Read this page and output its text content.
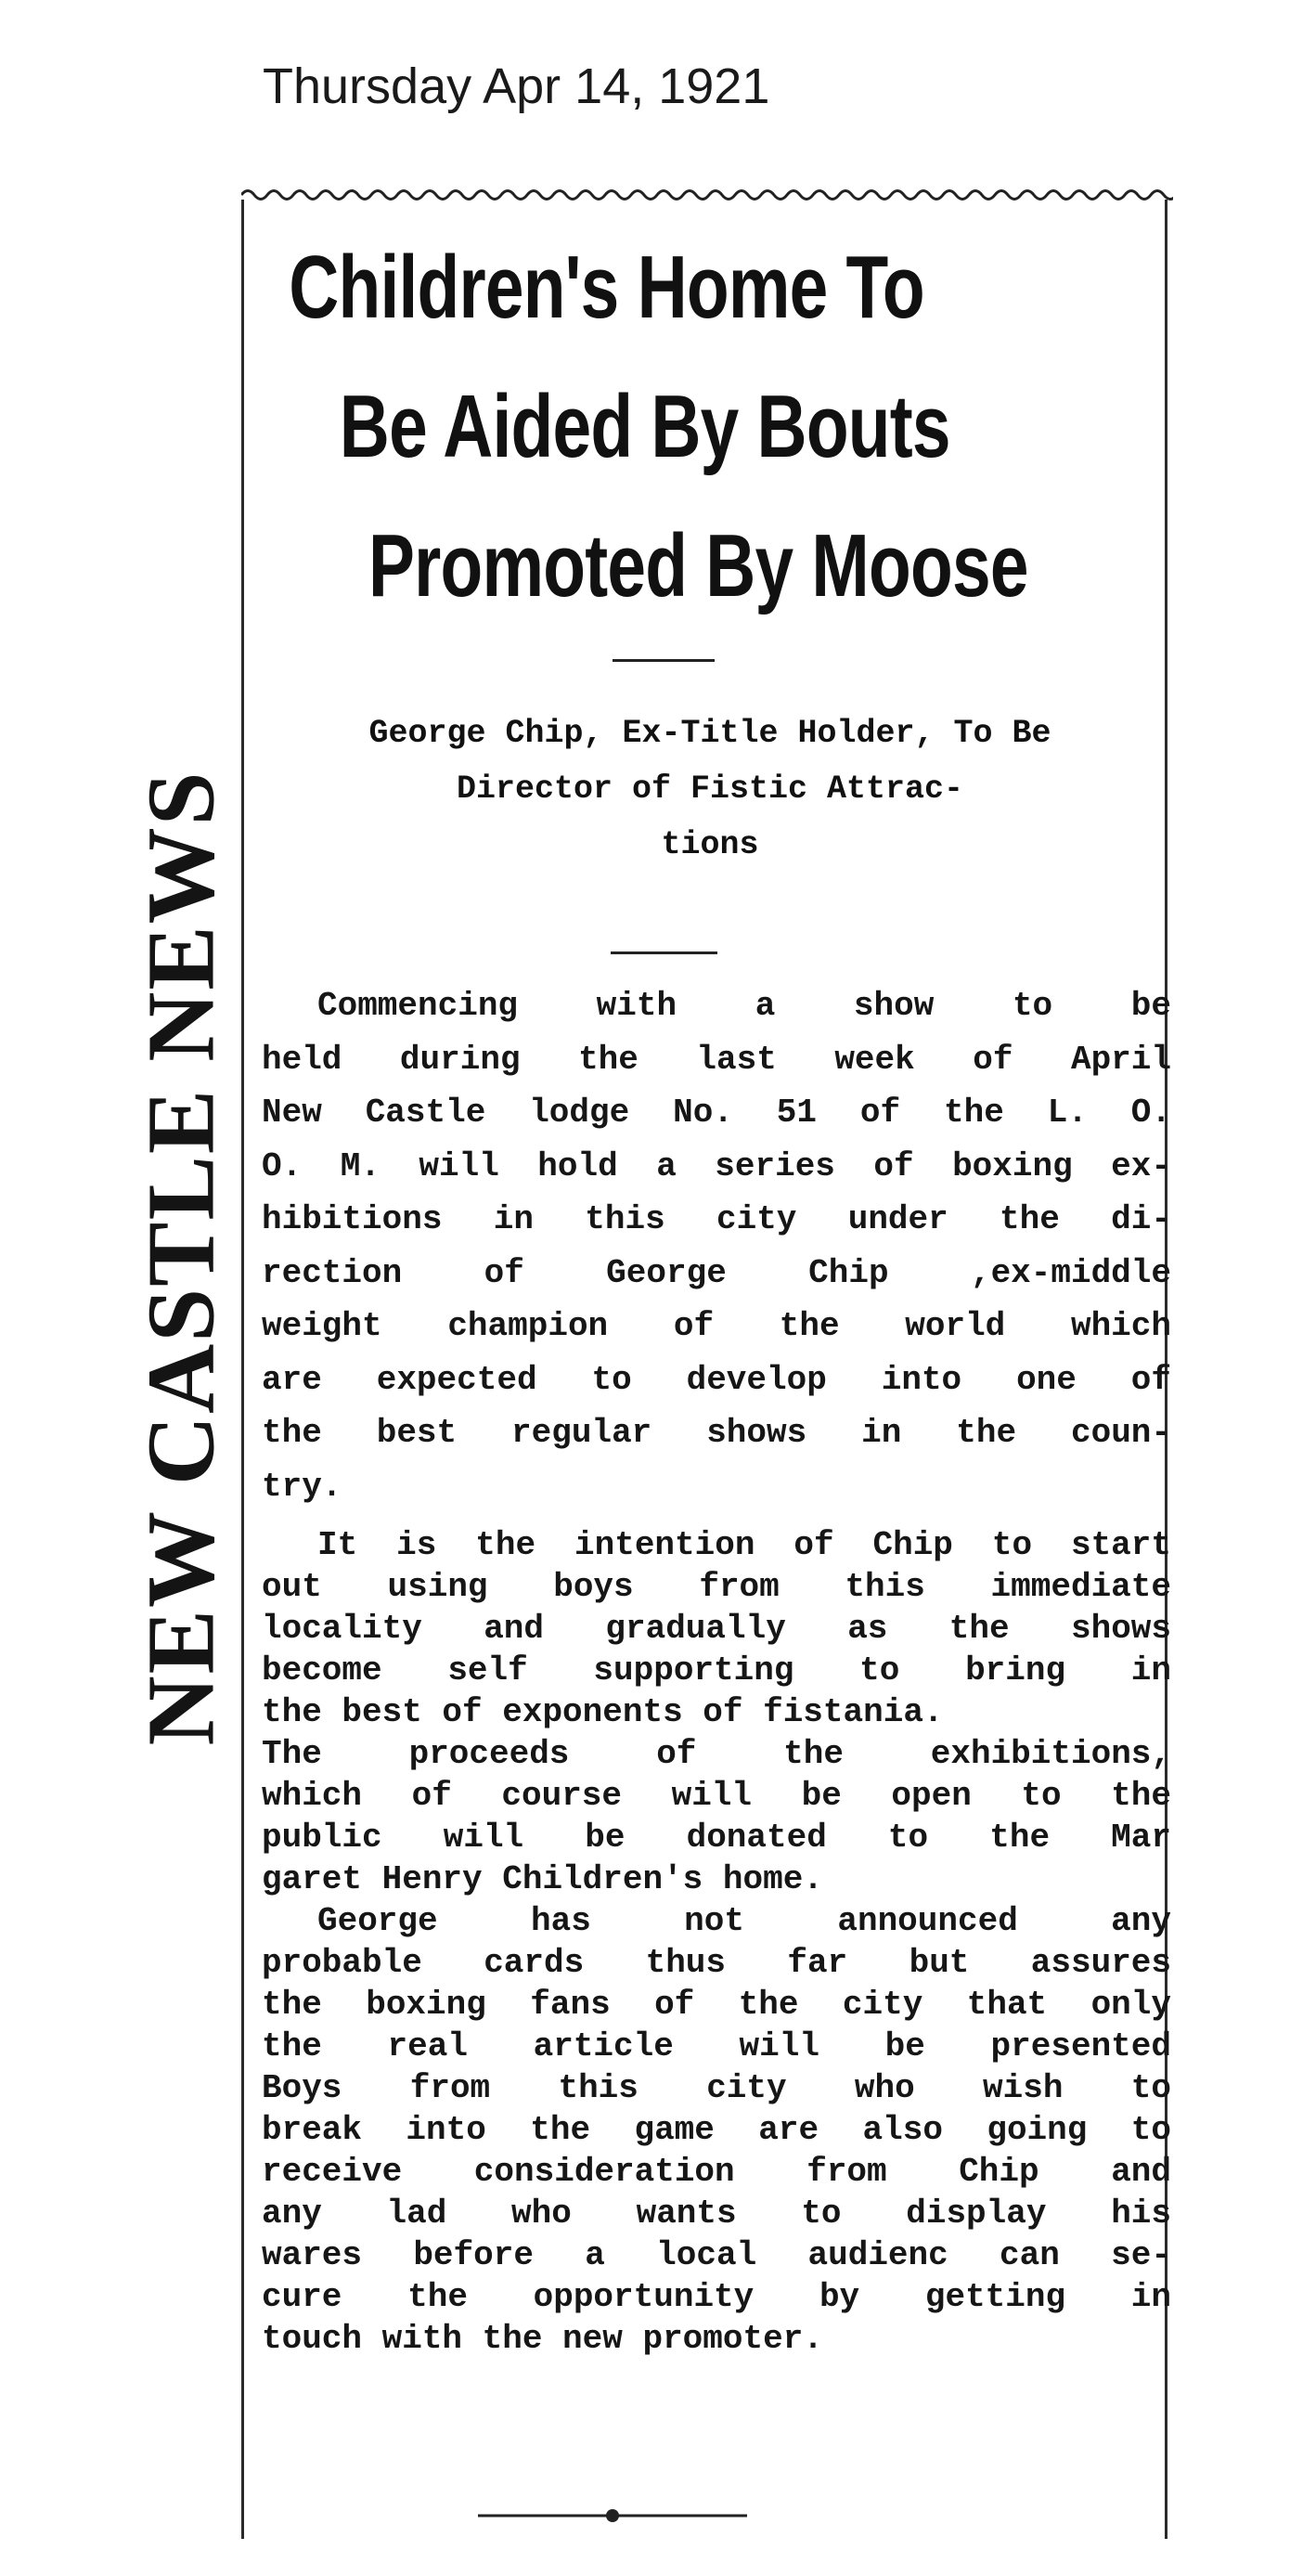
Thursday Apr 14, 1921
NEW CASTLE NEWS
Children's Home To
Be Aided By Bouts
Promoted By Moose
George Chip, Ex-Title Holder, To Be
Director of Fistic Attrac-
tions
Commencing with a show to be
held during the last week of April
New Castle lodge No. 51 of the L. O.
O. M. will hold a series of boxing ex-
hibitions in this city under the di-
rection of George Chip ,ex-middle
weight champion of the world which
are expected to develop into one of
the best regular shows in the coun-
try.
It is the intention of Chip to start
out using boys from this immediate
locality and gradually as the shows
become self supporting to bring in
the best of exponents of fistania.
The proceeds of the exhibitions,
which of course will be open to the
public will be donated to the Mar
garet Henry Children's home.
George has not announced any
probable cards thus far but assures
the boxing fans of the city that only
the real article will be presented
Boys from this city who wish to
break into the game are also going to
receive consideration from Chip and
any lad who wants to display his
wares before a local audienc can se-
cure the opportunity by getting in
touch with the new promoter.
